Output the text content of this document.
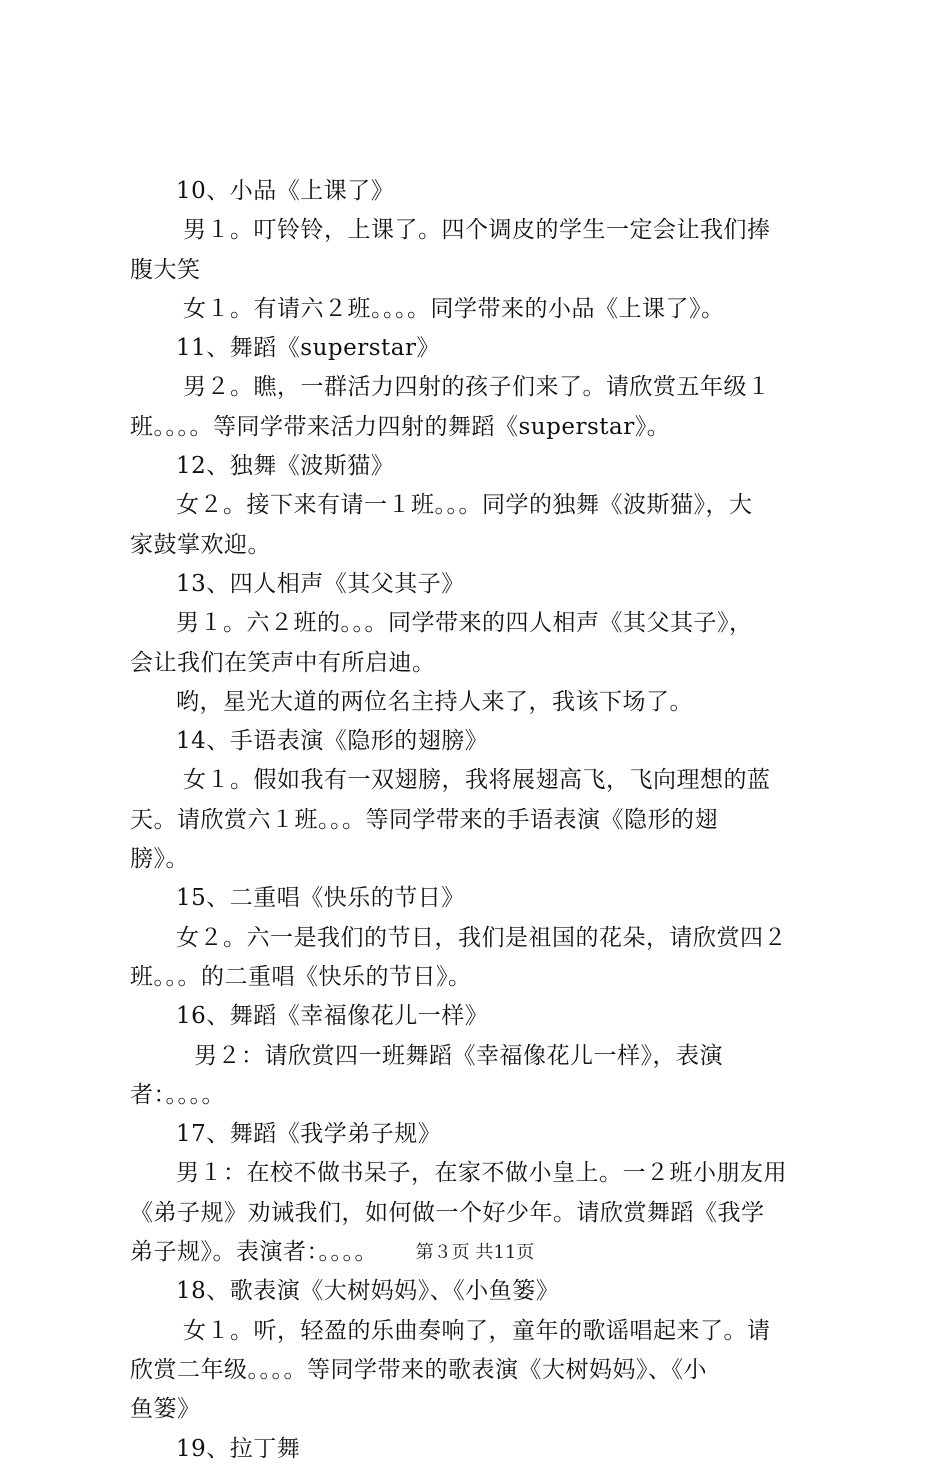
10、小品《上课了》
男１。叮铃铃，上课了。四个调皮的学生一定会让我们捧
腹大笑
女１。有请六２班。。。。同学带来的小品《上课了》。
11、舞蹈《superstar》
男２。瞧，一群活力四射的孩子们来了。请欣赏五年级１
班。。。。等同学带来活力四射的舞蹈《superstar》。
12、独舞《波斯猫》
女２。接下来有请一１班。。。同学的独舞《波斯猫》，大
家鼓掌欢迎。
13、四人相声《其父其子》
男１。六２班的。。。同学带来的四人相声《其父其子》，
会让我们在笑声中有所启迪。
哟，星光大道的两位名主持人来了，我该下场了。
14、手语表演《隐形的翅膀》
女１。假如我有一双翅膀，我将展翅高飞，飞向理想的蓝
天。请欣赏六１班。。。等同学带来的手语表演《隐形的翅
膀》。
15、二重唱《快乐的节日》
女２。六一是我们的节日，我们是祖国的花朵，请欣赏四２
班。。。的二重唱《快乐的节日》。
16、舞蹈《幸福像花儿一样》
男２：请欣赏四一班舞蹈《幸福像花儿一样》，表演
者：。。。。
17、舞蹈《我学弟子规》
男１：在校不做书呆子，在家不做小皇上。一２班小朋友用
《弟子规》劝诫我们，如何做一个好少年。请欣赏舞蹈《我学
弟子规》。表演者：。。。。
18、歌表演《大树妈妈》、《小鱼篓》
女１。听，轻盈的乐曲奏响了，童年的歌谣唱起来了。请
欣赏二年级。。。。等同学带来的歌表演《大树妈妈》、《小
鱼篓》
19、拉丁舞
第３页 共11页
